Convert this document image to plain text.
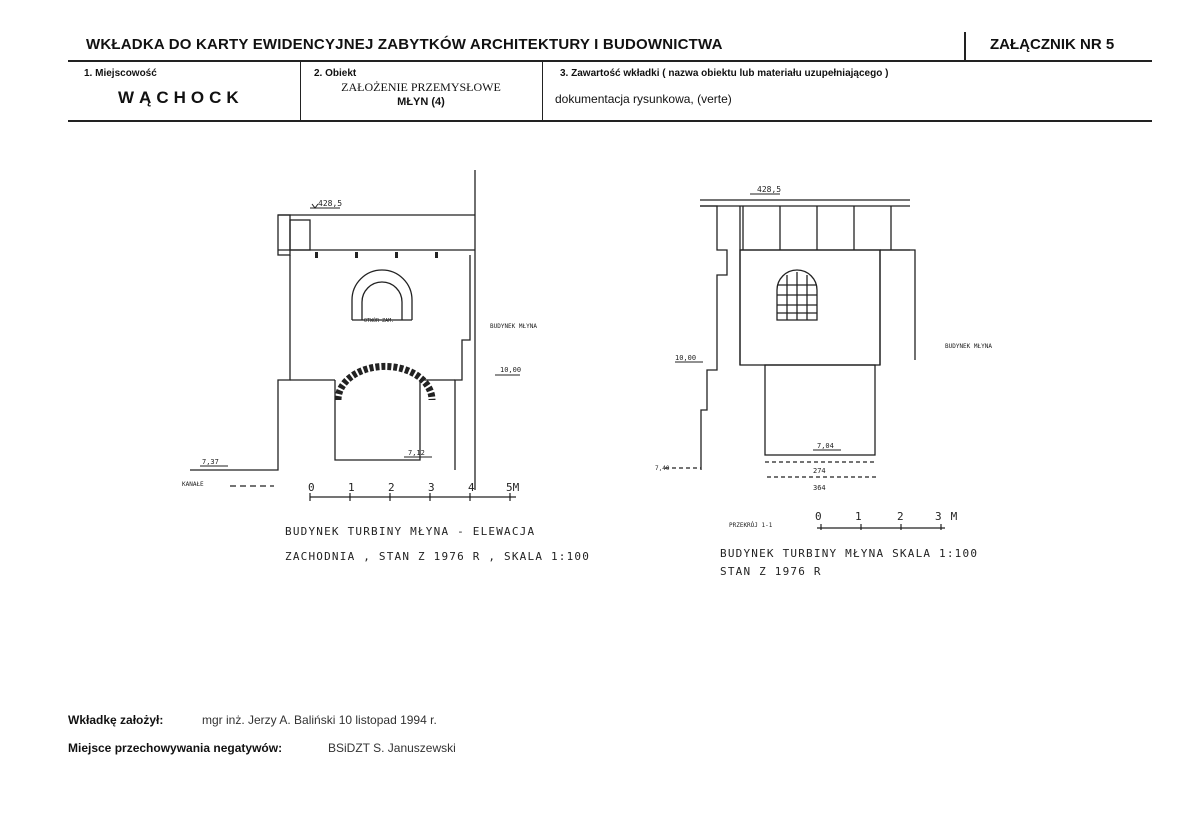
WKŁADKA DO KARTY EWIDENCYJNEJ ZABYTKÓW ARCHITEKTURY I BUDOWNICTWA	ZAŁĄCZNIK NR 5
1. Miejscowość
WĄCHOCK
2. Obiekt
ZAŁOŻENIE PRZEMYSŁOWE
MŁYN (4)
3. Zawartość wkładki ( nazwa obiektu lub materiału uzupełniającego )
dokumentacja rysunkowa, (verte)
428,5
OTWÓR ZAM.
BUDYNEK MŁYNA
10,00
7,37
7,12
KANAŁE	0	1	2	3	4	5M
BUDYNEK TURBINY MŁYNA - ELEWACJA
ZACHODNIA , STAN Z 1976 R , SKALA 1:100
428,5
BUDYNEK MŁYNA
10,00
7,04
7,40	274
364
PRZEKRÓJ 1-1
0	1	2	3 M
BUDYNEK TURBINY MŁYNA SKALA 1:100
STAN Z 1976 R
Wkładkę założył:	mgr inż. Jerzy A. Baliński 10 listopad 1994 r.
Miejsce przechowywania negatywów:	BSiDZT S. Januszewski
